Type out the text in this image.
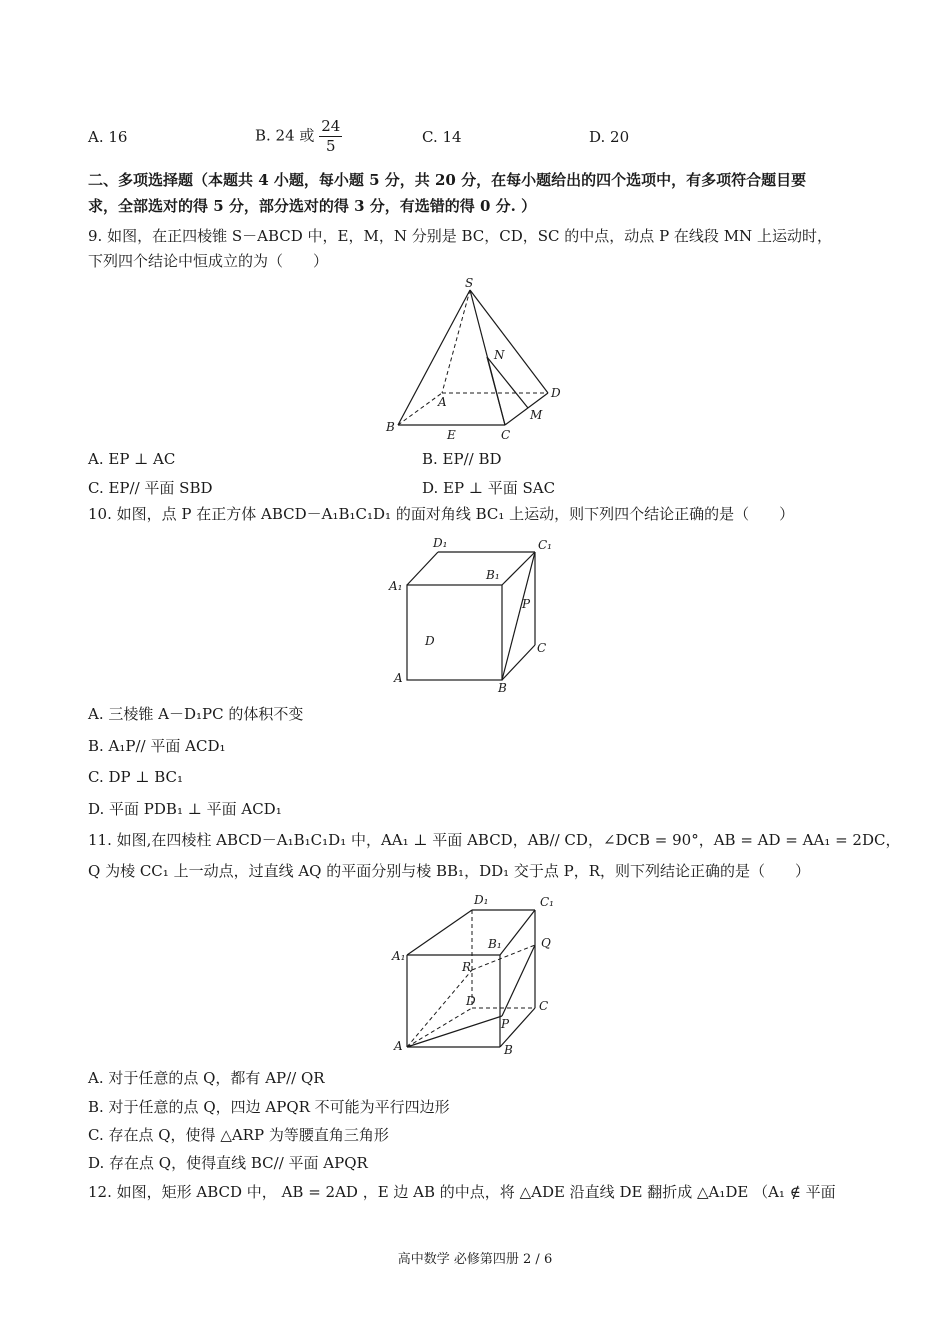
A. 16	B. 24 或 $\frac{24}{5}$	C. 14	D. 20
二、多项选择题（本题共 4 小题，每小题 5 分，共 20 分，在每小题给出的四个选项中，有多项符合题目要
求，全部选对的得 5 分，部分选对的得 3 分，有选错的得 0 分. ）
9. 如图，在正四棱锥 S－ABCD 中，E，M，N 分别是 BC，CD，SC 的中点，动点 P 在线段 MN 上运动时，
下列四个结论中恒成立的为（　　）
S
N
D
A
M
B
E	C
A. EP ⊥ AC	B. EP// BD
C. EP// 平面 SBD	D. EP ⊥ 平面 SAC
10. 如图，点 P 在正方体 ABCD－A₁B₁C₁D₁ 的面对角线 BC₁ 上运动，则下列四个结论正确的是（　　）
D₁	C₁
B₁
A₁
P
D	C
A
B
A. 三棱锥 A－D₁PC 的体积不变
B. A₁P// 平面 ACD₁
C. DP ⊥ BC₁
D. 平面 PDB₁ ⊥ 平面 ACD₁
11. 如图,在四棱柱 ABCD－A₁B₁C₁D₁ 中，AA₁ ⊥ 平面 ABCD，AB// CD，∠DCB = 90°，AB = AD = AA₁ = 2DC，
Q 为棱 CC₁ 上一动点，过直线 AQ 的平面分别与棱 BB₁，DD₁ 交于点 P，R，则下列结论正确的是（　　）
D₁	C₁
B₁	Q
A₁
R
D	C
P
A	B
A. 对于任意的点 Q，都有 AP// QR
B. 对于任意的点 Q，四边 APQR 不可能为平行四边形
C. 存在点 Q，使得 △ARP 为等腰直角三角形
D. 存在点 Q，使得直线 BC// 平面 APQR
12. 如图，矩形 ABCD 中， AB = 2AD ，E 边 AB 的中点，将 △ADE 沿直线 DE 翻折成 △A₁DE （A₁ ∉ 平面
高中数学 必修第四册 2 / 6
